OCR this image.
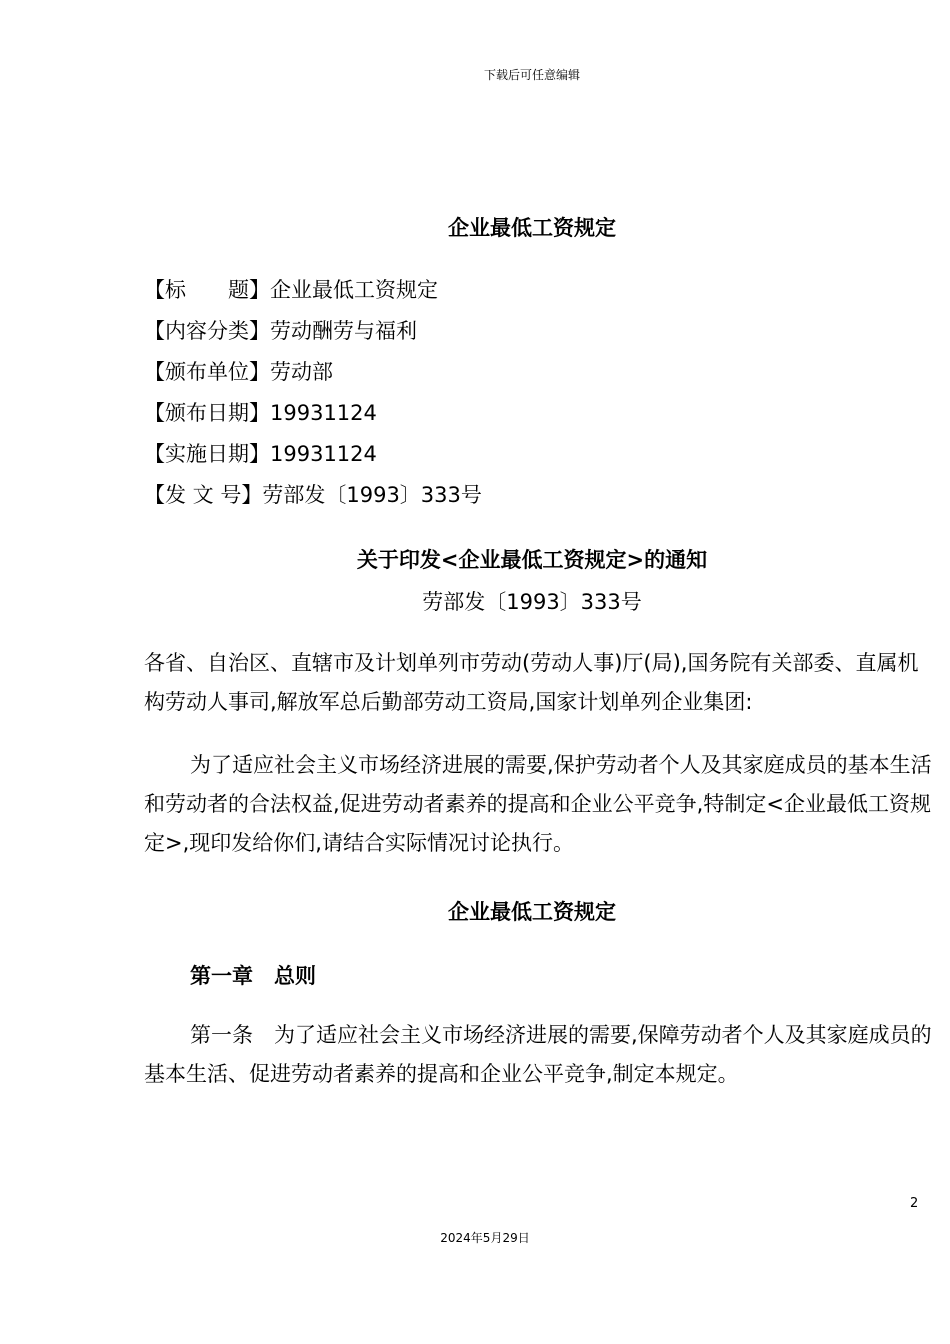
下载后可任意编辑
企业最低工资规定
【标　　题】企业最低工资规定
【内容分类】劳动酬劳与福利
【颁布单位】劳动部
【颁布日期】19931124
【实施日期】19931124
【发 文 号】劳部发〔1993〕333号
关于印发<企业最低工资规定>的通知
劳部发〔1993〕333号
各省、自治区、直辖市及计划单列市劳动(劳动人事)厅(局),国务院有关部委、直属机构劳动人事司,解放军总后勤部劳动工资局,国家计划单列企业集团:
为了适应社会主义市场经济进展的需要,保护劳动者个人及其家庭成员的基本生活和劳动者的合法权益,促进劳动者素养的提高和企业公平竞争,特制定<企业最低工资规定>,现印发给你们,请结合实际情况讨论执行。
企业最低工资规定
第一章　总则
第一条　为了适应社会主义市场经济进展的需要,保障劳动者个人及其家庭成员的基本生活、促进劳动者素养的提高和企业公平竞争,制定本规定。
2
2024年5月29日
